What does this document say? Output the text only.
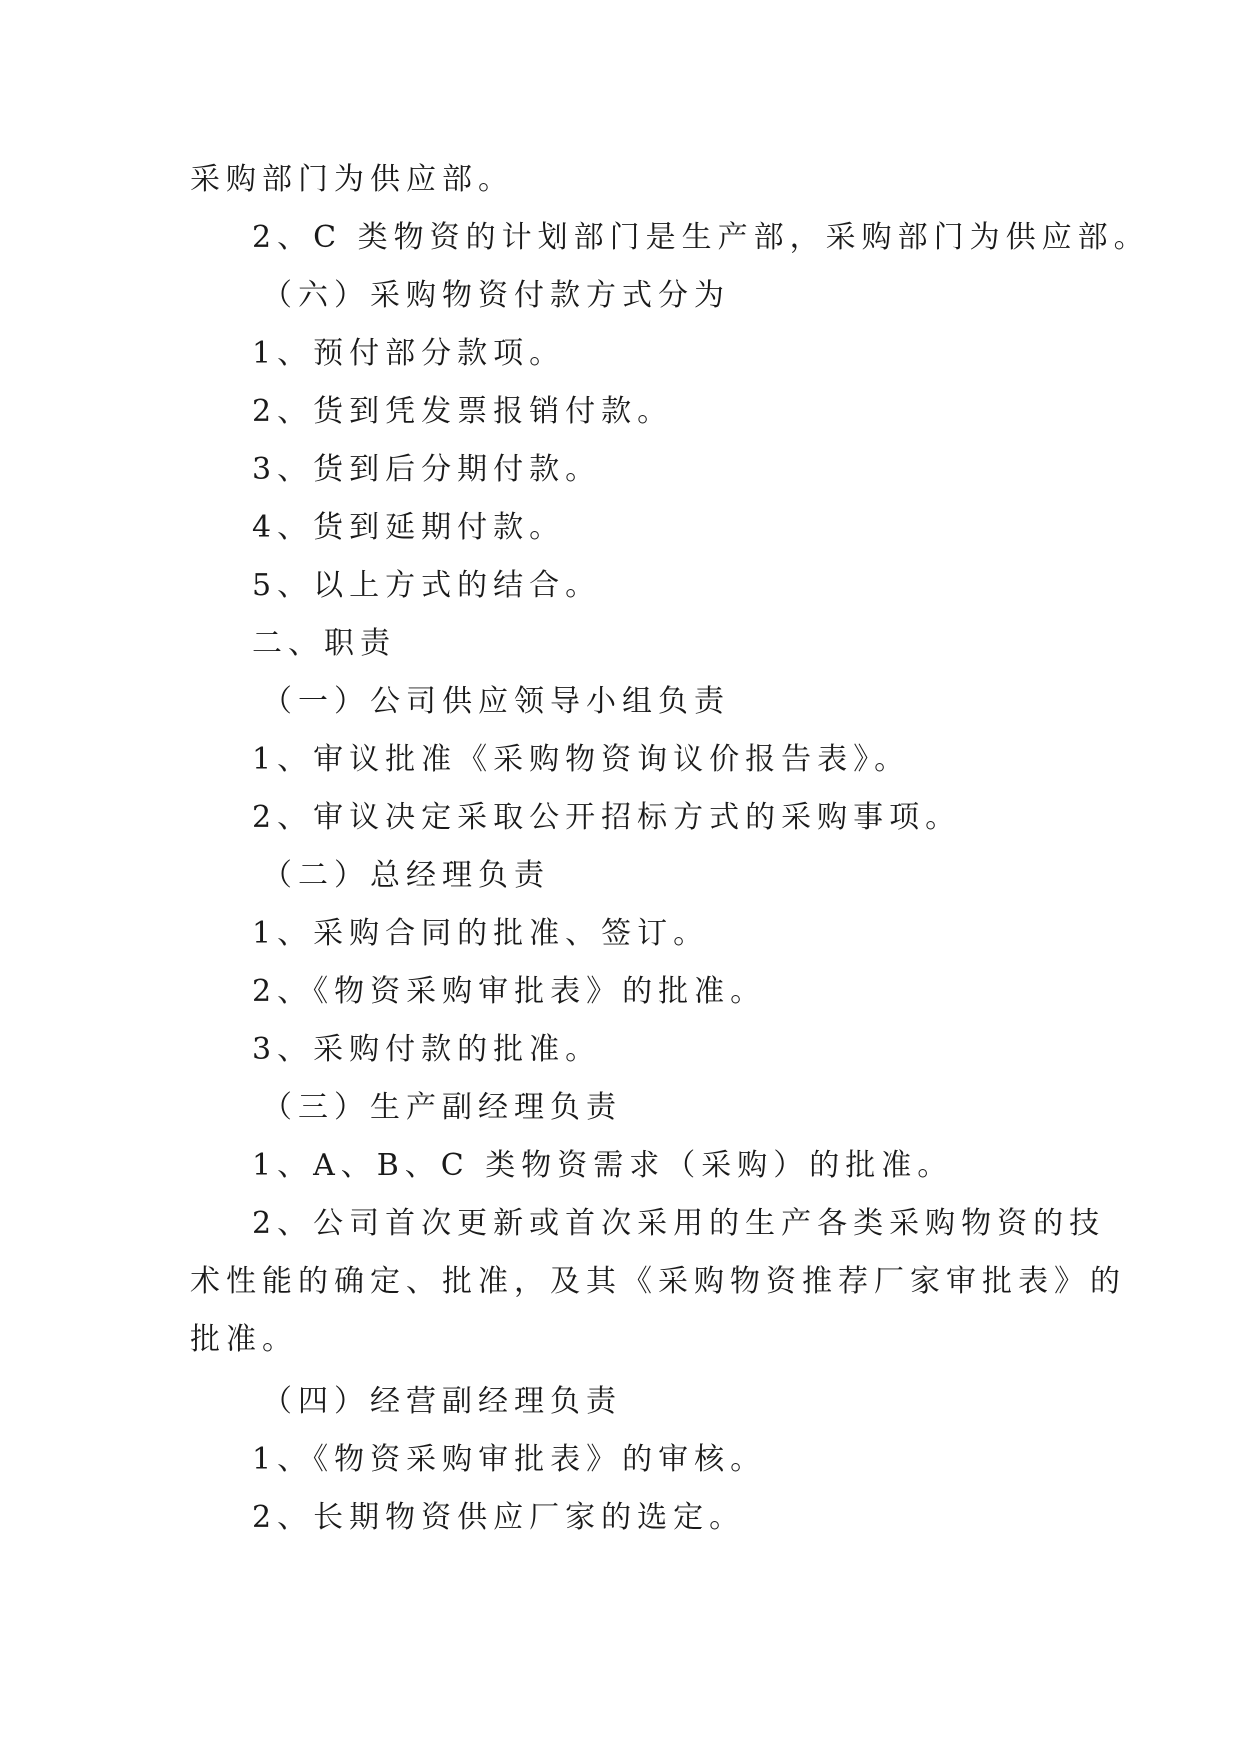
采购部门为供应部。
2、C 类物资的计划部门是生产部，采购部门为供应部。
（六）采购物资付款方式分为
1、预付部分款项。
2、货到凭发票报销付款。
3、货到后分期付款。
4、货到延期付款。
5、以上方式的结合。
二、职责
（一）公司供应领导小组负责
1、审议批准《采购物资询议价报告表》。
2、审议决定采取公开招标方式的采购事项。
（二）总经理负责
1、采购合同的批准、签订。
2、《物资采购审批表》的批准。
3、采购付款的批准。
（三）生产副经理负责
1、A、B、C 类物资需求（采购）的批准。
2、公司首次更新或首次采用的生产各类采购物资的技
术性能的确定、批准，及其《采购物资推荐厂家审批表》的
批准。
（四）经营副经理负责
1、《物资采购审批表》的审核。
2、长期物资供应厂家的选定。
